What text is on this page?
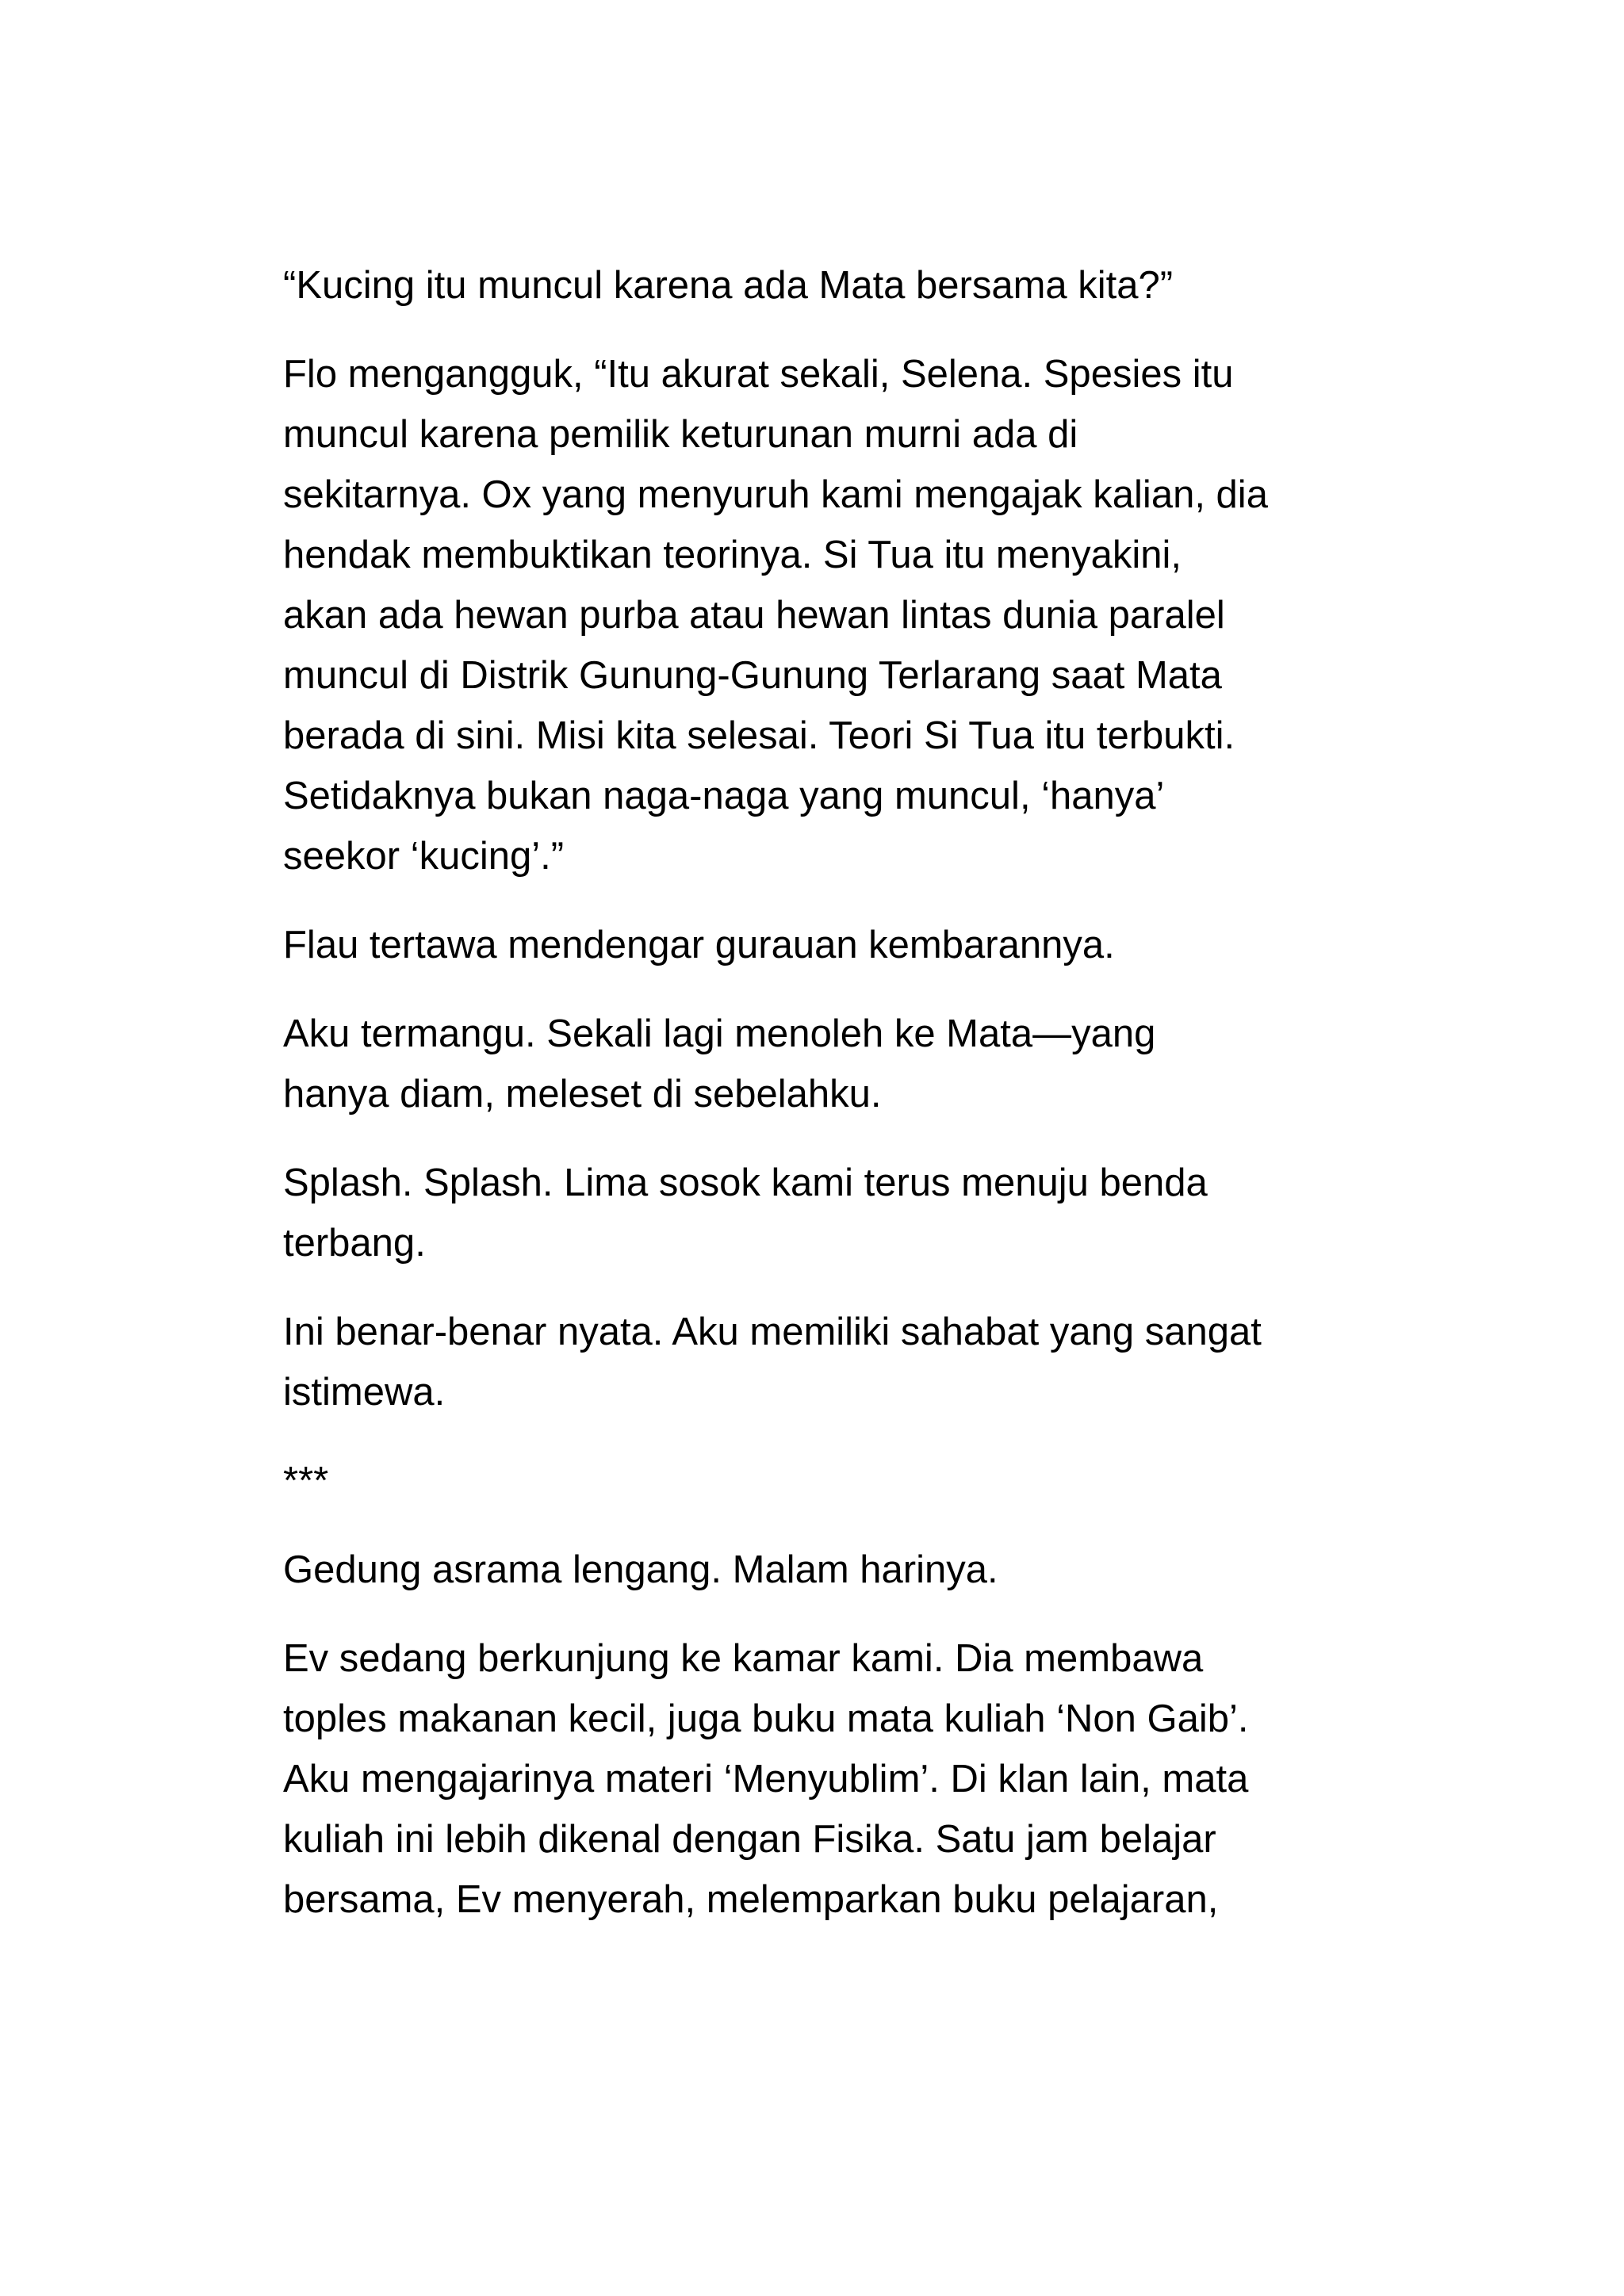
“Kucing itu muncul karena ada Mata bersama kita?”

Flo mengangguk, “Itu akurat sekali, Selena. Spesies itu
muncul karena pemilik keturunan murni ada di
sekitarnya. Ox yang menyuruh kami mengajak kalian, dia
hendak membuktikan teorinya. Si Tua itu menyakini,
akan ada hewan purba atau hewan lintas dunia paralel
muncul di Distrik Gunung-Gunung Terlarang saat Mata
berada di sini. Misi kita selesai. Teori Si Tua itu terbukti.
Setidaknya bukan naga-naga yang muncul, ‘hanya’
seekor ‘kucing’.”

Flau tertawa mendengar gurauan kembarannya.

Aku termangu. Sekali lagi menoleh ke Mata—yang
hanya diam, meleset di sebelahku.

Splash. Splash. Lima sosok kami terus menuju benda
terbang.

Ini benar-benar nyata. Aku memiliki sahabat yang sangat
istimewa.

***

Gedung asrama lengang. Malam harinya.

Ev sedang berkunjung ke kamar kami. Dia membawa
toples makanan kecil, juga buku mata kuliah ‘Non Gaib’.
Aku mengajarinya materi ‘Menyublim’. Di klan lain, mata
kuliah ini lebih dikenal dengan Fisika. Satu jam belajar
bersama, Ev menyerah, melemparkan buku pelajaran,
